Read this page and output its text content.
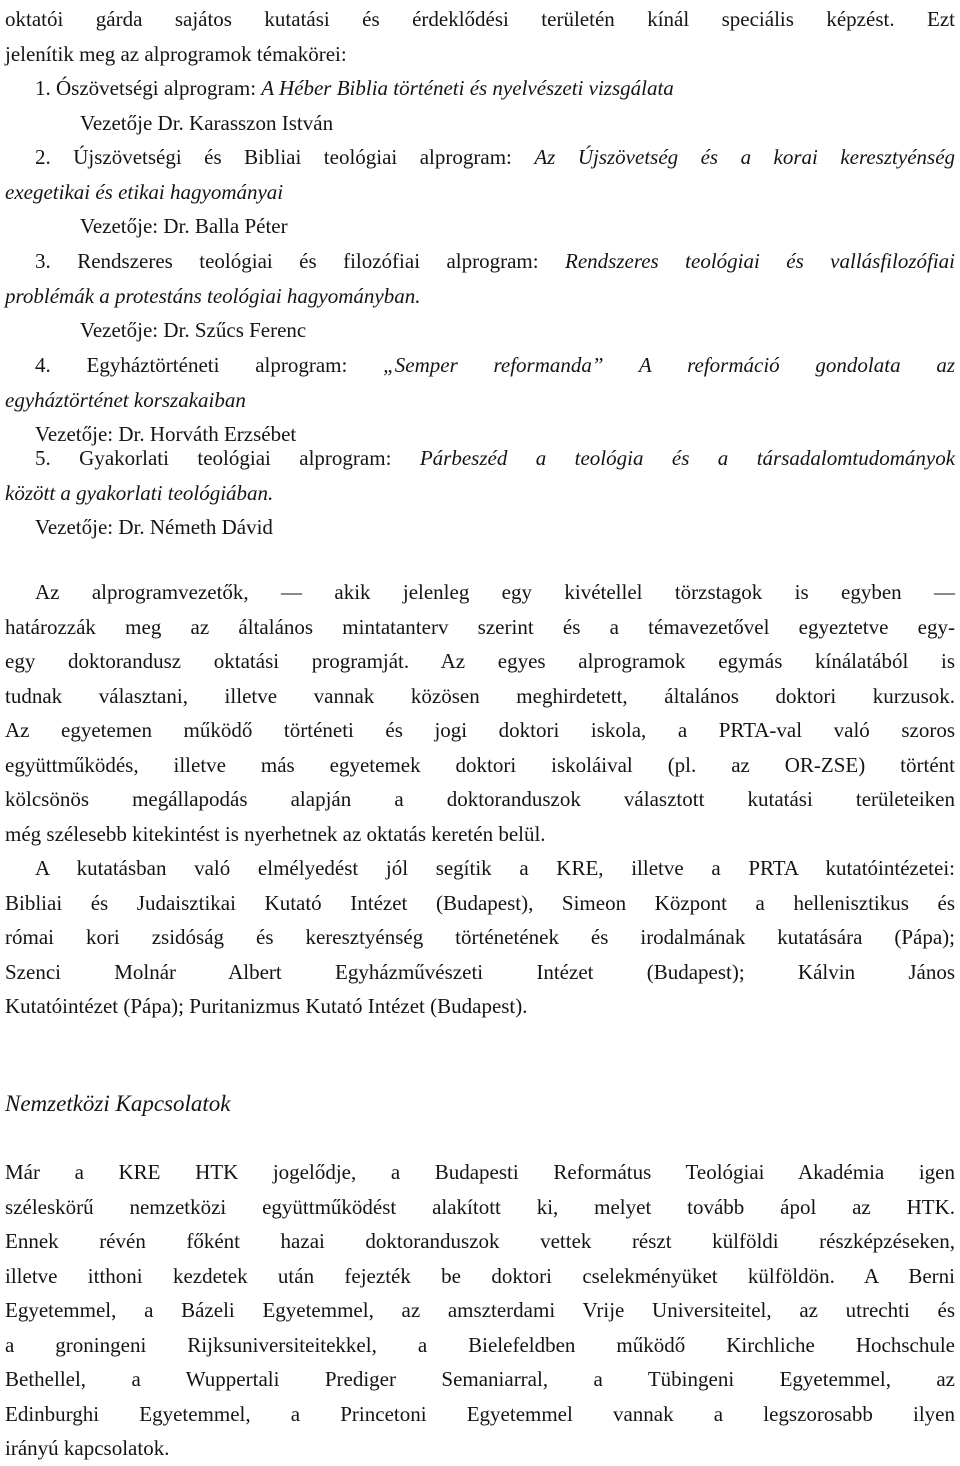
oktatói gárda sajátos kutatási és érdeklődési területén kínál speciális képzést. Ezt
jelenítik meg az alprogramok témakörei:
1. Ószövetségi alprogram: A Héber Biblia történeti és nyelvészeti vizsgálata
Vezetője Dr. Karasszon István
2. Újszövetségi és Bibliai teológiai alprogram: Az Újszövetség és a korai keresztyénség
exegetikai és etikai hagyományai
Vezetője: Dr. Balla Péter
3. Rendszeres teológiai és filozófiai alprogram: Rendszeres teológiai és vallásfilozófiai
problémák a protestáns teológiai hagyományban.
Vezetője: Dr. Szűcs Ferenc
4. Egyháztörténeti alprogram: „Semper reformanda” A reformáció gondolata az
egyháztörténet korszakaiban
Vezetője: Dr. Horváth Erzsébet
5. Gyakorlati teológiai alprogram: Párbeszéd a teológia és a társadalomtudományok
között a gyakorlati teológiában.
Vezetője: Dr. Németh Dávid
Az alprogramvezetők, — akik jelenleg egy kivétellel törzstagok is egyben —
határozzák meg az általános mintatanterv szerint és a témavezetővel egyeztetve egy-
egy doktorandusz oktatási programját. Az egyes alprogramok egymás kínálatából is
tudnak választani, illetve vannak közösen meghirdetett, általános doktori kurzusok.
Az egyetemen működő történeti és jogi doktori iskola, a PRTA-val való szoros
együttműködés, illetve más egyetemek doktori iskoláival (pl. az OR-ZSE) történt
kölcsönös megállapodás alapján a doktoranduszok választott kutatási területeiken
még szélesebb kitekintést is nyerhetnek az oktatás keretén belül.
A kutatásban való elmélyedést jól segítik a KRE, illetve a PRTA kutatóintézetei:
Bibliai és Judaisztikai Kutató Intézet (Budapest), Simeon Központ a hellenisztikus és
római kori zsidóság és keresztyénség történetének és irodalmának kutatására (Pápa);
Szenci Molnár Albert Egyházművészeti Intézet (Budapest); Kálvin János
Kutatóintézet (Pápa); Puritanizmus Kutató Intézet (Budapest).
Nemzetközi Kapcsolatok
Már a KRE HTK jogelődje, a Budapesti Református Teológiai Akadémia igen
széleskörű nemzetközi együttműködést alakított ki, melyet tovább ápol az HTK.
Ennek révén főként hazai doktoranduszok vettek részt külföldi részképzéseken,
illetve itthoni kezdetek után fejezték be doktori cselekményüket külföldön. A Berni
Egyetemmel, a Bázeli Egyetemmel, az amszterdami Vrije Universiteitel, az utrechti és
a groningeni Rijksuniversiteitekkel, a Bielefeldben működő Kirchliche Hochschule
Bethellel, a Wuppertali Prediger Semaniarral, a Tübingeni Egyetemmel, az
Edinburghi Egyetemmel, a Princetoni Egyetemmel vannak a legszorosabb ilyen
irányú kapcsolatok.
